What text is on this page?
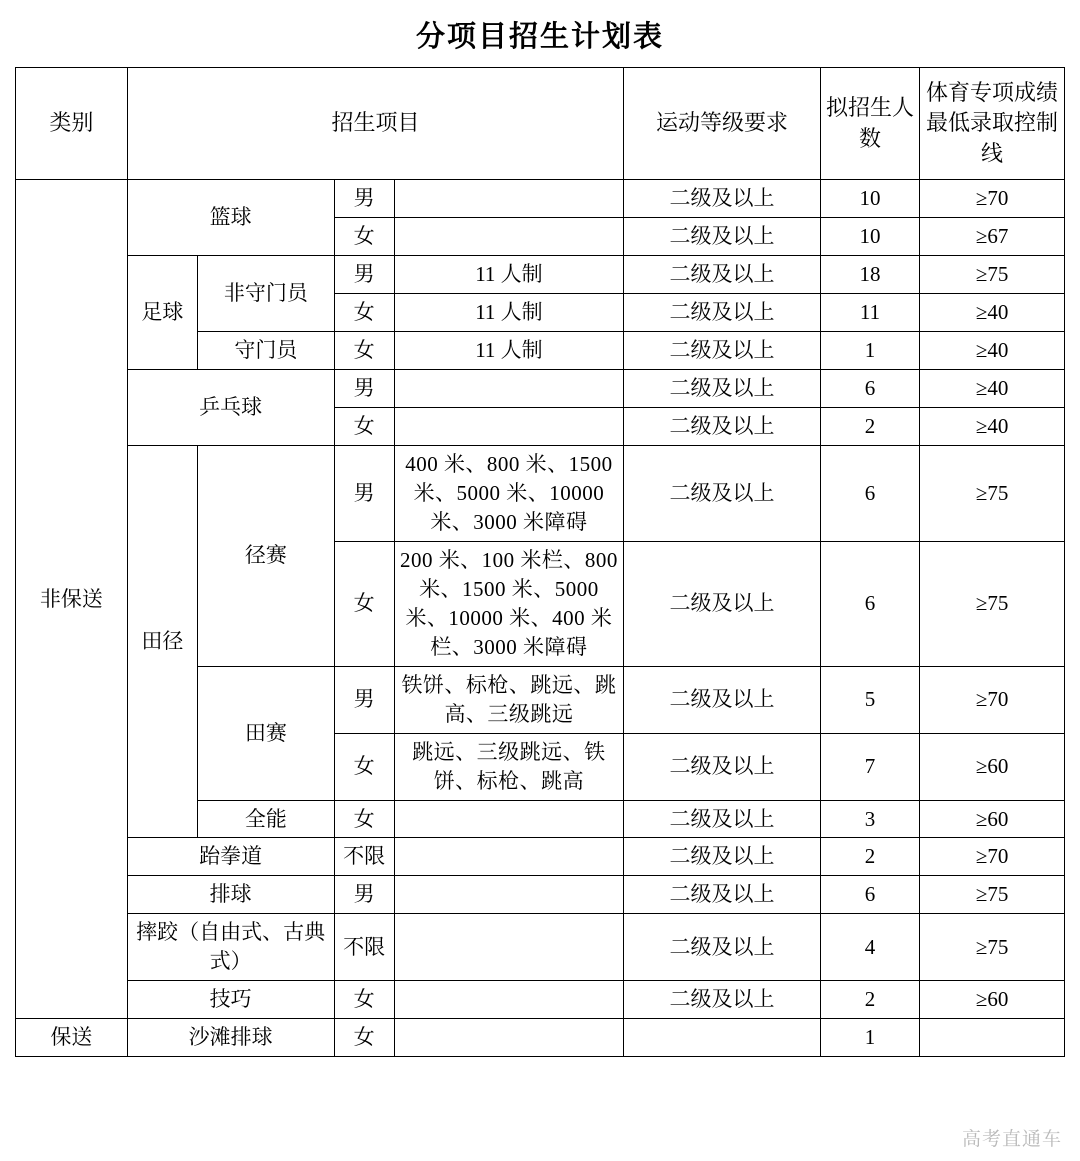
分项目招生计划表
类别	招生项目				运动等级要求	拟招生人数	体育专项成绩最低录取控制线
非保送	篮球		男		二级及以上	10	≥70
			女		二级及以上	10	≥67
	足球	非守门员	男	11 人制	二级及以上	18	≥75
			女	11 人制	二级及以上	11	≥40
		守门员	女	11 人制	二级及以上	1	≥40
	乒乓球		男		二级及以上	6	≥40
			女		二级及以上	2	≥40
	田径	径赛	男	400 米、800 米、1500 米、5000 米、10000 米、3000 米障碍	二级及以上	6	≥75
			女	200 米、100 米栏、800 米、1500 米、5000 米、10000 米、400 米栏、3000 米障碍	二级及以上	6	≥75
		田赛	男	铁饼、标枪、跳远、跳高、三级跳远	二级及以上	5	≥70
			女	跳远、三级跳远、铁饼、标枪、跳高	二级及以上	7	≥60
		全能	女		二级及以上	3	≥60
	跆拳道		不限		二级及以上	2	≥70
	排球		男		二级及以上	6	≥75
	摔跤（自由式、古典式）		不限		二级及以上	4	≥75
	技巧		女		二级及以上	2	≥60
保送	沙滩排球		女			1	
高考直通车
